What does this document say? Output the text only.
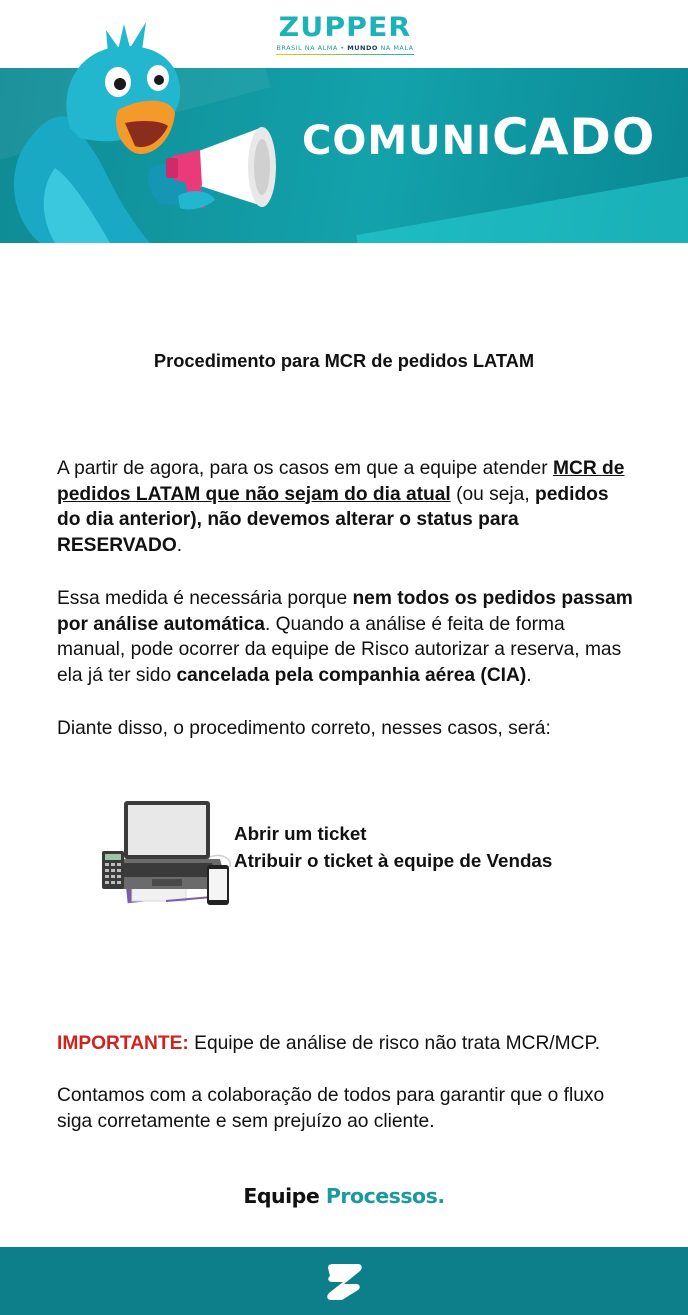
ZUPPER
BRASIL NA ALMA • MUNDO NA MALA
COMUNICADO

Procedimento para MCR de pedidos LATAM

A partir de agora, para os casos em que a equipe atender MCR de pedidos LATAM que não sejam do dia atual (ou seja, pedidos do dia anterior), não devemos alterar o status para RESERVADO.

Essa medida é necessária porque nem todos os pedidos passam por análise automática. Quando a análise é feita de forma manual, pode ocorrer da equipe de Risco autorizar a reserva, mas ela já ter sido cancelada pela companhia aérea (CIA).

Diante disso, o procedimento correto, nesses casos, será:

Abrir um ticket
Atribuir o ticket à equipe de Vendas

IMPORTANTE: Equipe de análise de risco não trata MCR/MCP.

Contamos com a colaboração de todos para garantir que o fluxo siga corretamente e sem prejuízo ao cliente.

Equipe Processos.
